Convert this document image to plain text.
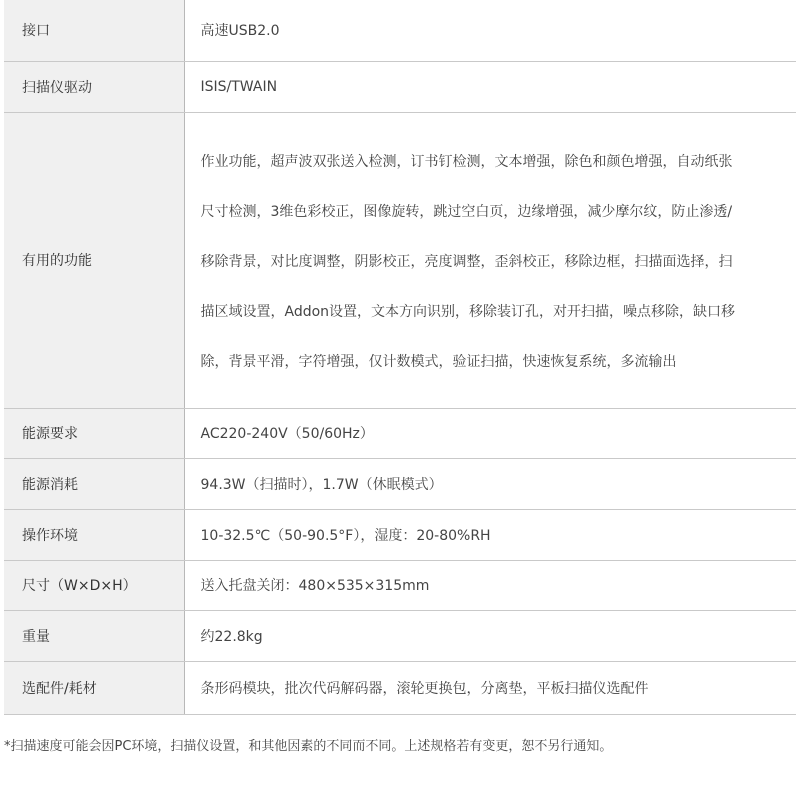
接口	高速USB2.0
扫描仪驱动	ISIS/TWAIN
有用的功能	作业功能，超声波双张送入检测，订书钉检测，文本增强，除色和颜色增强，自动纸张尺寸检测，3维色彩校正，图像旋转，跳过空白页，边缘增强，减少摩尔纹，防止渗透/移除背景，对比度调整，阴影校正，亮度调整，歪斜校正，移除边框，扫描面选择，扫描区域设置，Addon设置，文本方向识别，移除装订孔，对开扫描，噪点移除，缺口移除，背景平滑，字符增强，仅计数模式，验证扫描，快速恢复系统，多流输出

能源要求	AC220-240V（50/60Hz）
能源消耗	94.3W（扫描时），1.7W（休眠模式）
操作环境	10-32.5℃（50-90.5°F），湿度：20-80%RH
尺寸（W×D×H）	送入托盘关闭：480×535×315mm
重量	约22.8kg
选配件/耗材	条形码模块，批次代码解码器，滚轮更换包，分离垫，平板扫描仪选配件
*扫描速度可能会因PC环境，扫描仪设置，和其他因素的不同而不同。上述规格若有变更，恕不另行通知。
